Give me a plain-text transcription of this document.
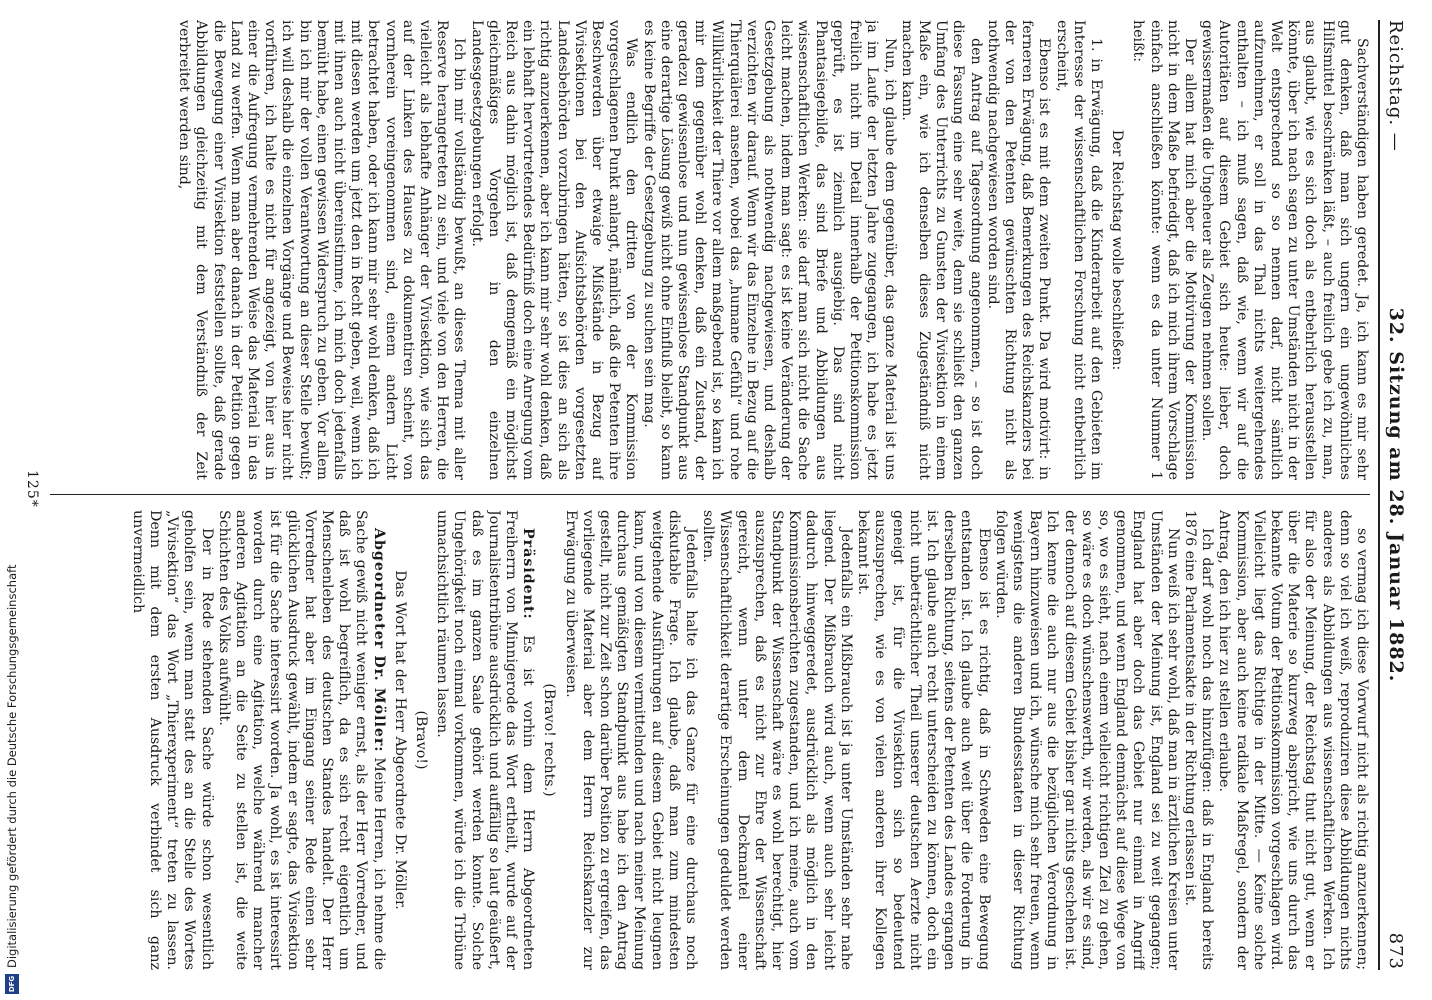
DFG
Digitalisierung gefördert durch die Deutsche Forschungsgemeinschaft
Reichstag. —
32. Sitzung am 28. Januar 1882.
873

Sachverständigen haben geredet. Ja, ich kann es mir sehr gut denken, daß man sich ungern ein ungewöhnliches Hilfsmittel beschränken läßt, – auch freilich gebe ich zu, man, aus glaubt, wie es sich doch als entbehrlich herausstellen könnte, über ich nach sagen zu unter Umständen nicht in der Welt entsprechend so so nennen darf, nicht sämtlich aufzunehmen, er soll in das Thal nichts weitergehendes enthalten – ich muß sagen, daß wie, wenn wir auf die Autoritäten auf diesem Gebiet sich heute: lieber, doch gewissermaßen die Ungeheuer als Zeugen nehmen sollen.

Der allem hat mich aber die Motivirung der Kommission nicht in dem Maße befriedigt, daß ich mich ihrem Vorschlage einfach anschließen könnte: wenn es da unter Nummer 1 heißt:

Der Reichstag wolle beschließen:

1. in Erwägung, daß die Kinderarbeit auf den Gebieten im Interesse der wissenschaftlichen Forschung nicht entbehrlich erscheint,

Ebenso ist es mit dem zweiten Punkt. Da wird motivirt: in ferneren Erwägung, daß Bemerkungen des Reichskanzlers bei der von den Petenten gewünschten Richtung nicht als nothwendig nachgewiesen worden sind.

den Antrag auf Tagesordnung angenommen, – so ist doch diese Fassung eine sehr weite, denn sie schließt den ganzen Umfang des Unterrichts zu Gunsten der Vivisektion in einem Maße ein, wie ich denselben dieses Zugeständniß nicht machen kann.

Nun, ich glaube dem gegenüber, das ganze Material ist uns ja im Laufe der letzten Jahre zugegangen, ich habe es jetzt freilich nicht im Detail innerhalb der Petitionskommission geprüft, es ist ziemlich ausgiebig. Das sind nicht Phantasiegebilde, das sind Briefe und Abbildungen aus wissenschaftlichen Werken: sie darf man sich nicht die Sache leicht machen, indem man sagt: es ist keine Veränderung der Gesetzgebung als nothwendig nachgewiesen, und deshalb verzichten wir darauf. Wenn wir das Einzelne in Bezug auf die Thierquälerei ansehen, wobei das „humane Gefühl“ und rohe Willkürlichkeit der Thiere vor allem maßgebend ist, so kann ich mir dem gegenüber wohl denken, daß ein Zustand, der geradezu gewissenlose und nun gewissenlose Standpunkt aus eine derartige Lösung gewiß nicht ohne Einfluß bleibt, so kann es keine Begriffe der Gesetzgebung zu suchen sein mag.

Was endlich den dritten von der Kommission vorgeschlagenen Punkt anlangt, nämlich, daß die Petenten ihre Beschwerden über etwaige Mißstände in Bezug auf Vivisektionen bei den Aufsichtsbehörden vorgesetzten Landesbehörden vorzubringen hätten, so ist dies an sich als richtig anzuerkennen, aber ich kann mir sehr wohl denken, daß ein lebhaft hervortretendes Bedürfniß doch eine Anregung vom Reich aus dahin möglich ist, daß demgemäß ein möglichst gleichmäßiges Vorgehen in den einzelnen Landesgesetzgebungen erfolgt.

Ich bin mir vollständig bewußt, an dieses Thema mit aller Reserve herangetreten zu sein, und viele von den Herren, die vielleicht als lebhafte Anhänger der Vivisektion, wie sich das auf der Linken des Hauses zu dokumentiren scheint, von vornherein voreingenommen sind, einem andern Licht betrachtet haben, oder ich kann mir sehr wohl denken, daß ich mit diesen werden um jetzt den in Recht geben, weil, wenn ich mit ihnen auch nicht übereinstimme, ich mich doch jedenfalls bemüht habe, einen gewissen Widerspruch zu geben. Vor allem bin ich mir der vollen Verantwortung an dieser Stelle bewußt; ich will deshalb die einzelnen Vorgänge und Beweise hier nicht vorführen, ich halte es nicht für angezeigt, von hier aus in einer die Aufregung vermehrenden Weise das Material in das Land zu werfen. Wenn man aber danach in der Petition gegen die Bewegung einer Vivisektion feststellen sollte, daß gerade Abbildungen gleichzeitig mit dem Verständniß der Zeit verbreitet werden sind,

so vermag ich diese Vorwurf nicht als richtig anzuerkennen; denn so viel ich weiß, reproduziren diese Abbildungen nichts anderes als Abbildungen aus wissenschaftlichen Werken. Ich für also der Meinung, der Reichstag thut nicht gut, wenn er über die Materie so kurzweg abspricht, wie uns durch das bekannte Votum der Petitionskommission vorgeschlagen wird. Vielleicht liegt das Richtige in der Mitte. — Keine solche Kommission, aber auch keine radikale Maßregel, sondern der Antrag, den ich hier zu stellen erlaube.

Ich darf wohl noch das hinzufügen: daß in England bereits 1876 eine Parlamentsakte in der Richtung erlassen ist.

Nun weiß ich sehr wohl, daß man in ärztlichen Kreisen unter Umständen der Meinung ist, England sei zu weit gegangen; England hat aber doch das Gebiet nur einmal in Angriff genommen, und wenn England demnächst auf diese Wege von so, wo es sieht, nach einem vielleicht richtigen Ziel zu gehen, so wäre es doch wünschenswerth, wir werden, als wir es sind, der dennoch auf diesem Gebiet bisher gar nichts geschehen ist. Ich kenne die auch nur aus die bezüglichen Verordnung in Bayern hinzuweisen und ich, wünsche mich sehr freuen, wenn wenigstens die anderen Bundesstaaten in dieser Richtung folgen würden.

Ebenso ist es richtig, daß in Schweden eine Bewegung entstanden ist. Ich glaube auch weit über die Forderung in derselben Richtung, seitens der Petenten des Landes ergangen ist. Ich glaube auch recht unterscheiden zu können, doch ein nicht unbeträchtlicher Theil unserer deutschen Aerzte nicht geneigt ist, für die Vivisektion sich so bedeutend auszusprechen, wie es von vielen anderen ihrer Kollegen bekannt ist.

Jedenfalls ein Mißbrauch ist ja unter Umständen sehr nahe liegend. Der Mißbrauch wird auch, wenn auch sehr leicht dadurch hinweggeredet, ausdrücklich als möglich in den Kommissionsberichten zugestanden, und ich meine, auch vom Standpunkt der Wissenschaft wäre es wohl berechtigt, hier auszusprechen, daß es nicht zur Ehre der Wissenschaft gereicht, wenn unter dem Deckmantel einer Wissenschaftlichkeit derartige Erscheinungen geduldet werden sollten.

Jedenfalls halte ich das Ganze für eine durchaus noch diskutable Frage. Ich glaube, daß man zum mindesten weitgehende Ausführungen auf diesem Gebiet nicht leugnen kann, und von diesem vermittelnden und nach meiner Meinung durchaus gemäßigten Standpunkt aus habe ich den Antrag gestellt, nicht zur Zeit schon darüber Position zu ergreifen, das vorliegende Material aber dem Herrn Reichskanzler zur Erwägung zu überweisen.

(Bravo! rechts.)

Präsident: Es ist vorhin dem Herrn Abgeordneten Freiherrn von Minnigerode das Wort ertheilt, wurde auf der Journalistentribüne ausdrücklich und auffällig so laut geäußert, daß es im ganzen Saale gehört werden konnte. Solche Ungehörigkeit noch einmal vorkommen, würde ich die Tribüne unnachsichtlich räumen lassen.

(Bravo!)

Das Wort hat der Herr Abgeordnete Dr. Möller.

Abgeordneter Dr. Möller: Meine Herren, ich nehme die Sache gewiß nicht weniger ernst, als der Herr Vorredner, und daß ist wohl begreiflich, da es sich recht eigentlich um Menschenleben des deutschen Standes handelt. Der Herr Vorredner hat aber im Eingang seiner Rede einen sehr glücklichen Ausdruck gewählt, indem er sagte, das Vivisektion ist für die Sache interessirt worden. Ja wohl, es ist interessirt worden durch eine Agitation, welche während mancher anderen Agitation an die Seite zu stellen ist, die weite Schichten des Volks aufwühlt.

Der in Rede stehenden Sache würde schon wesentlich geholfen sein, wenn man statt des an die Stelle des Wortes „Vivisektion“ das Wort „Thierexperiment“ treten zu lassen. Denn mit dem ersten Ausdruck verbindet sich ganz unvermeidlich

125*
